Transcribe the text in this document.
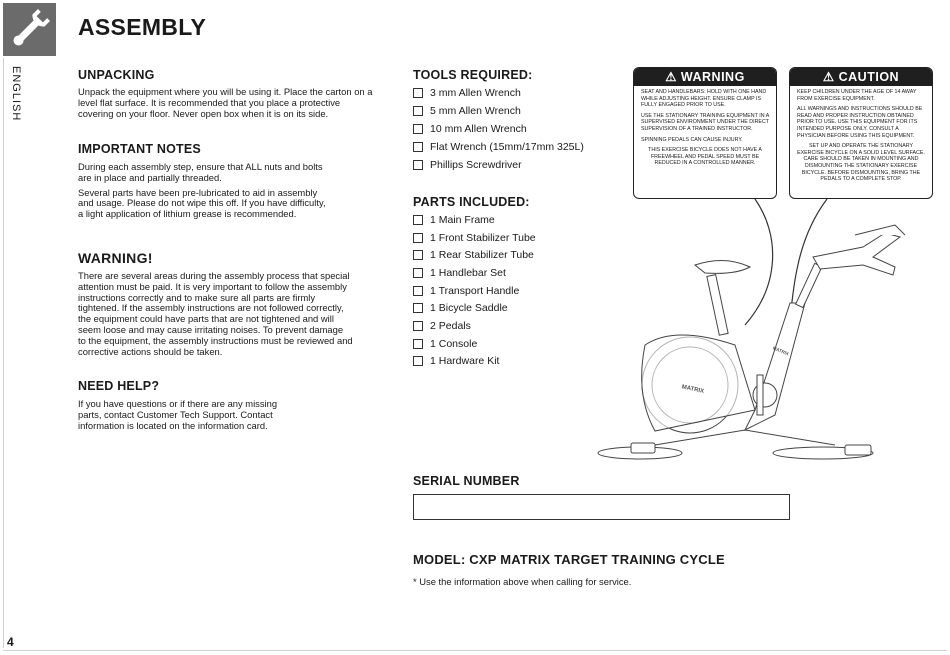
ASSEMBLY
ENGLISH	UNPACKING

Unpack the equipment where you will be using it. Place the carton on a level flat surface. It is recommended that you place a protective covering on your floor. Never open box when it is on its side.

IMPORTANT NOTES

During each assembly step, ensure that ALL nuts and bolts are in place and partially threaded.

Several parts have been pre-lubricated to aid in assembly and usage. Please do not wipe this off. If you have difficulty, a light application of lithium grease is recommended.

WARNING!

There are several areas during the assembly process that special attention must be paid. It is very important to follow the assembly instructions correctly and to make sure all parts are firmly tightened. If the assembly instructions are not followed correctly, the equipment could have parts that are not tightened and will seem loose and may cause irritating noises. To prevent damage to the equipment, the assembly instructions must be reviewed and corrective actions should be taken.

NEED HELP?

If you have questions or if there are any missing parts, contact Customer Tech Support. Contact information is located on the information card.

TOOLS REQUIRED:
3 mm Allen Wrench
5 mm Allen Wrench
10 mm Allen Wrench
Flat Wrench (15mm/17mm 325L)
Phillips Screwdriver
PARTS INCLUDED:
1 Main Frame
1 Front Stabilizer Tube
1 Rear Stabilizer Tube
1 Handlebar Set
1 Transport Handle
1 Bicycle Saddle
2 Pedals
1 Console
1 Hardware Kit
⚠ WARNING

SEAT AND HANDLEBARS: HOLD WITH ONE HAND WHILE ADJUSTING HEIGHT. ENSURE CLAMP IS FULLY ENGAGED PRIOR TO USE.

USE THE STATIONARY TRAINING EQUIPMENT IN A SUPERVISED ENVIRONMENT UNDER THE DIRECT SUPERVISION OF A TRAINED INSTRUCTOR.

SPINNING PEDALS CAN CAUSE INJURY.

THIS EXERCISE BICYCLE DOES NOT HAVE A FREEWHEEL AND PEDAL SPEED MUST BE REDUCED IN A CONTROLLED MANNER.

⚠ CAUTION

KEEP CHILDREN UNDER THE AGE OF 14 AWAY FROM EXERCISE EQUIPMENT.

ALL WARNINGS AND INSTRUCTIONS SHOULD BE READ AND PROPER INSTRUCTION OBTAINED PRIOR TO USE. USE THIS EQUIPMENT FOR ITS INTENDED PURPOSE ONLY. CONSULT A PHYSICIAN BEFORE USING THIS EQUIPMENT.

SET UP AND OPERATE THE STATIONARY EXERCISE BICYCLE ON A SOLID LEVEL SURFACE. CARE SHOULD BE TAKEN IN MOUNTING AND DISMOUNTING THE STATIONARY EXERCISE BICYCLE. BEFORE DISMOUNTING, BRING THE PEDALS TO A COMPLETE STOP.

MATRIX
MATRIX
SERIAL NUMBER
MODEL: CXP MATRIX TARGET TRAINING CYCLE

* Use the information above when calling for service.

4
